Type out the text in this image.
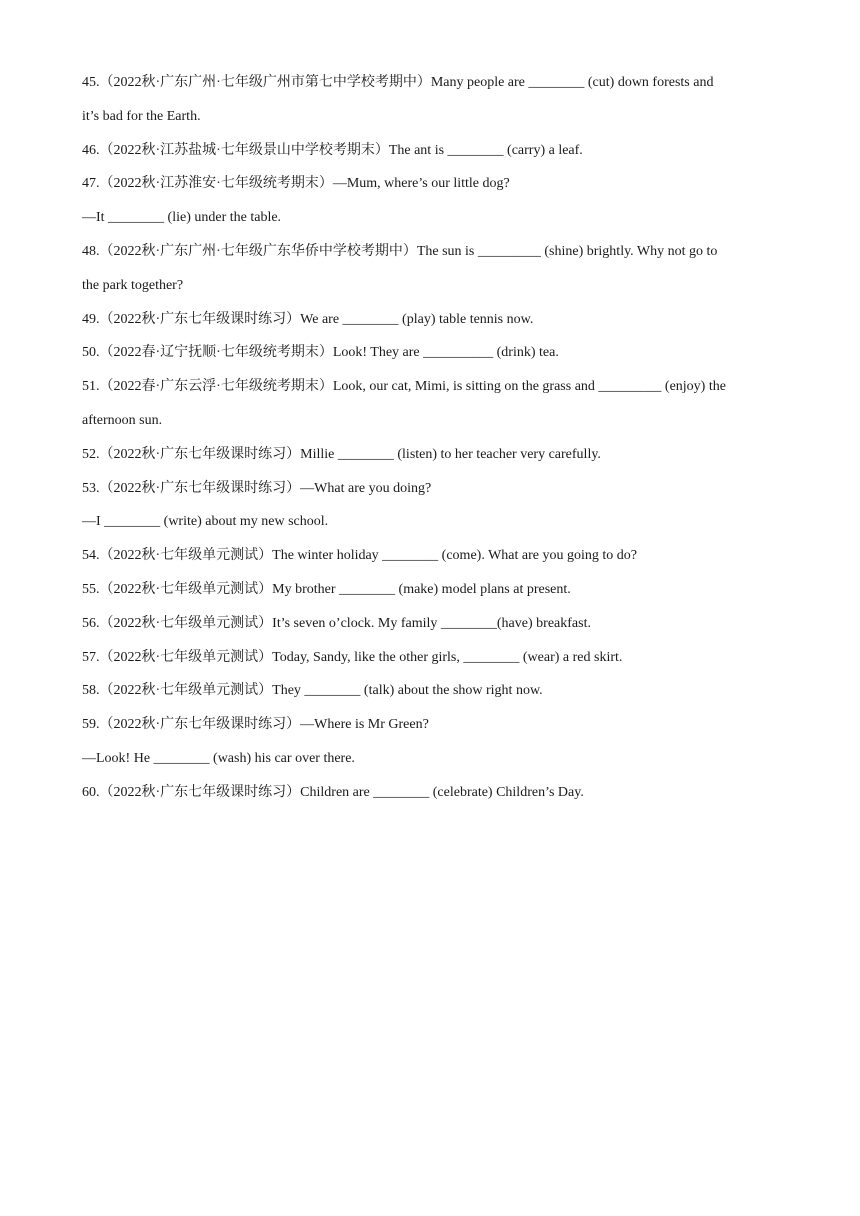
45.（2022秋·广东广州·七年级广州市第七中学校考期中）Many people are ________ (cut) down forests and
it’s bad for the Earth.
46.（2022秋·江苏盐城·七年级景山中学校考期末）The ant is ________ (carry) a leaf.
47.（2022秋·江苏淮安·七年级统考期末）—Mum, where’s our little dog?
—It ________ (lie) under the table.
48.（2022秋·广东广州·七年级广东华侨中学校考期中）The sun is _________ (shine) brightly. Why not go to
the park together?
49.（2022秋·广东七年级课时练习）We are ________ (play) table tennis now.
50.（2022春·辽宁抚顺·七年级统考期末）Look! They are __________ (drink) tea.
51.（2022春·广东云浮·七年级统考期末）Look, our cat, Mimi, is sitting on the grass and _________ (enjoy) the
afternoon sun.
52.（2022秋·广东七年级课时练习）Millie ________ (listen) to her teacher very carefully.
53.（2022秋·广东七年级课时练习）—What are you doing?
—I ________ (write) about my new school.
54.（2022秋·七年级单元测试）The winter holiday ________ (come). What are you going to do?
55.（2022秋·七年级单元测试）My brother ________ (make) model plans at present.
56.（2022秋·七年级单元测试）It’s seven o’clock. My family ________(have) breakfast.
57.（2022秋·七年级单元测试）Today, Sandy, like the other girls, ________ (wear) a red skirt.
58.（2022秋·七年级单元测试）They ________ (talk) about the show right now.
59.（2022秋·广东七年级课时练习）—Where is Mr Green?
—Look! He ________ (wash) his car over there.
60.（2022秋·广东七年级课时练习）Children are ________ (celebrate) Children’s Day.
